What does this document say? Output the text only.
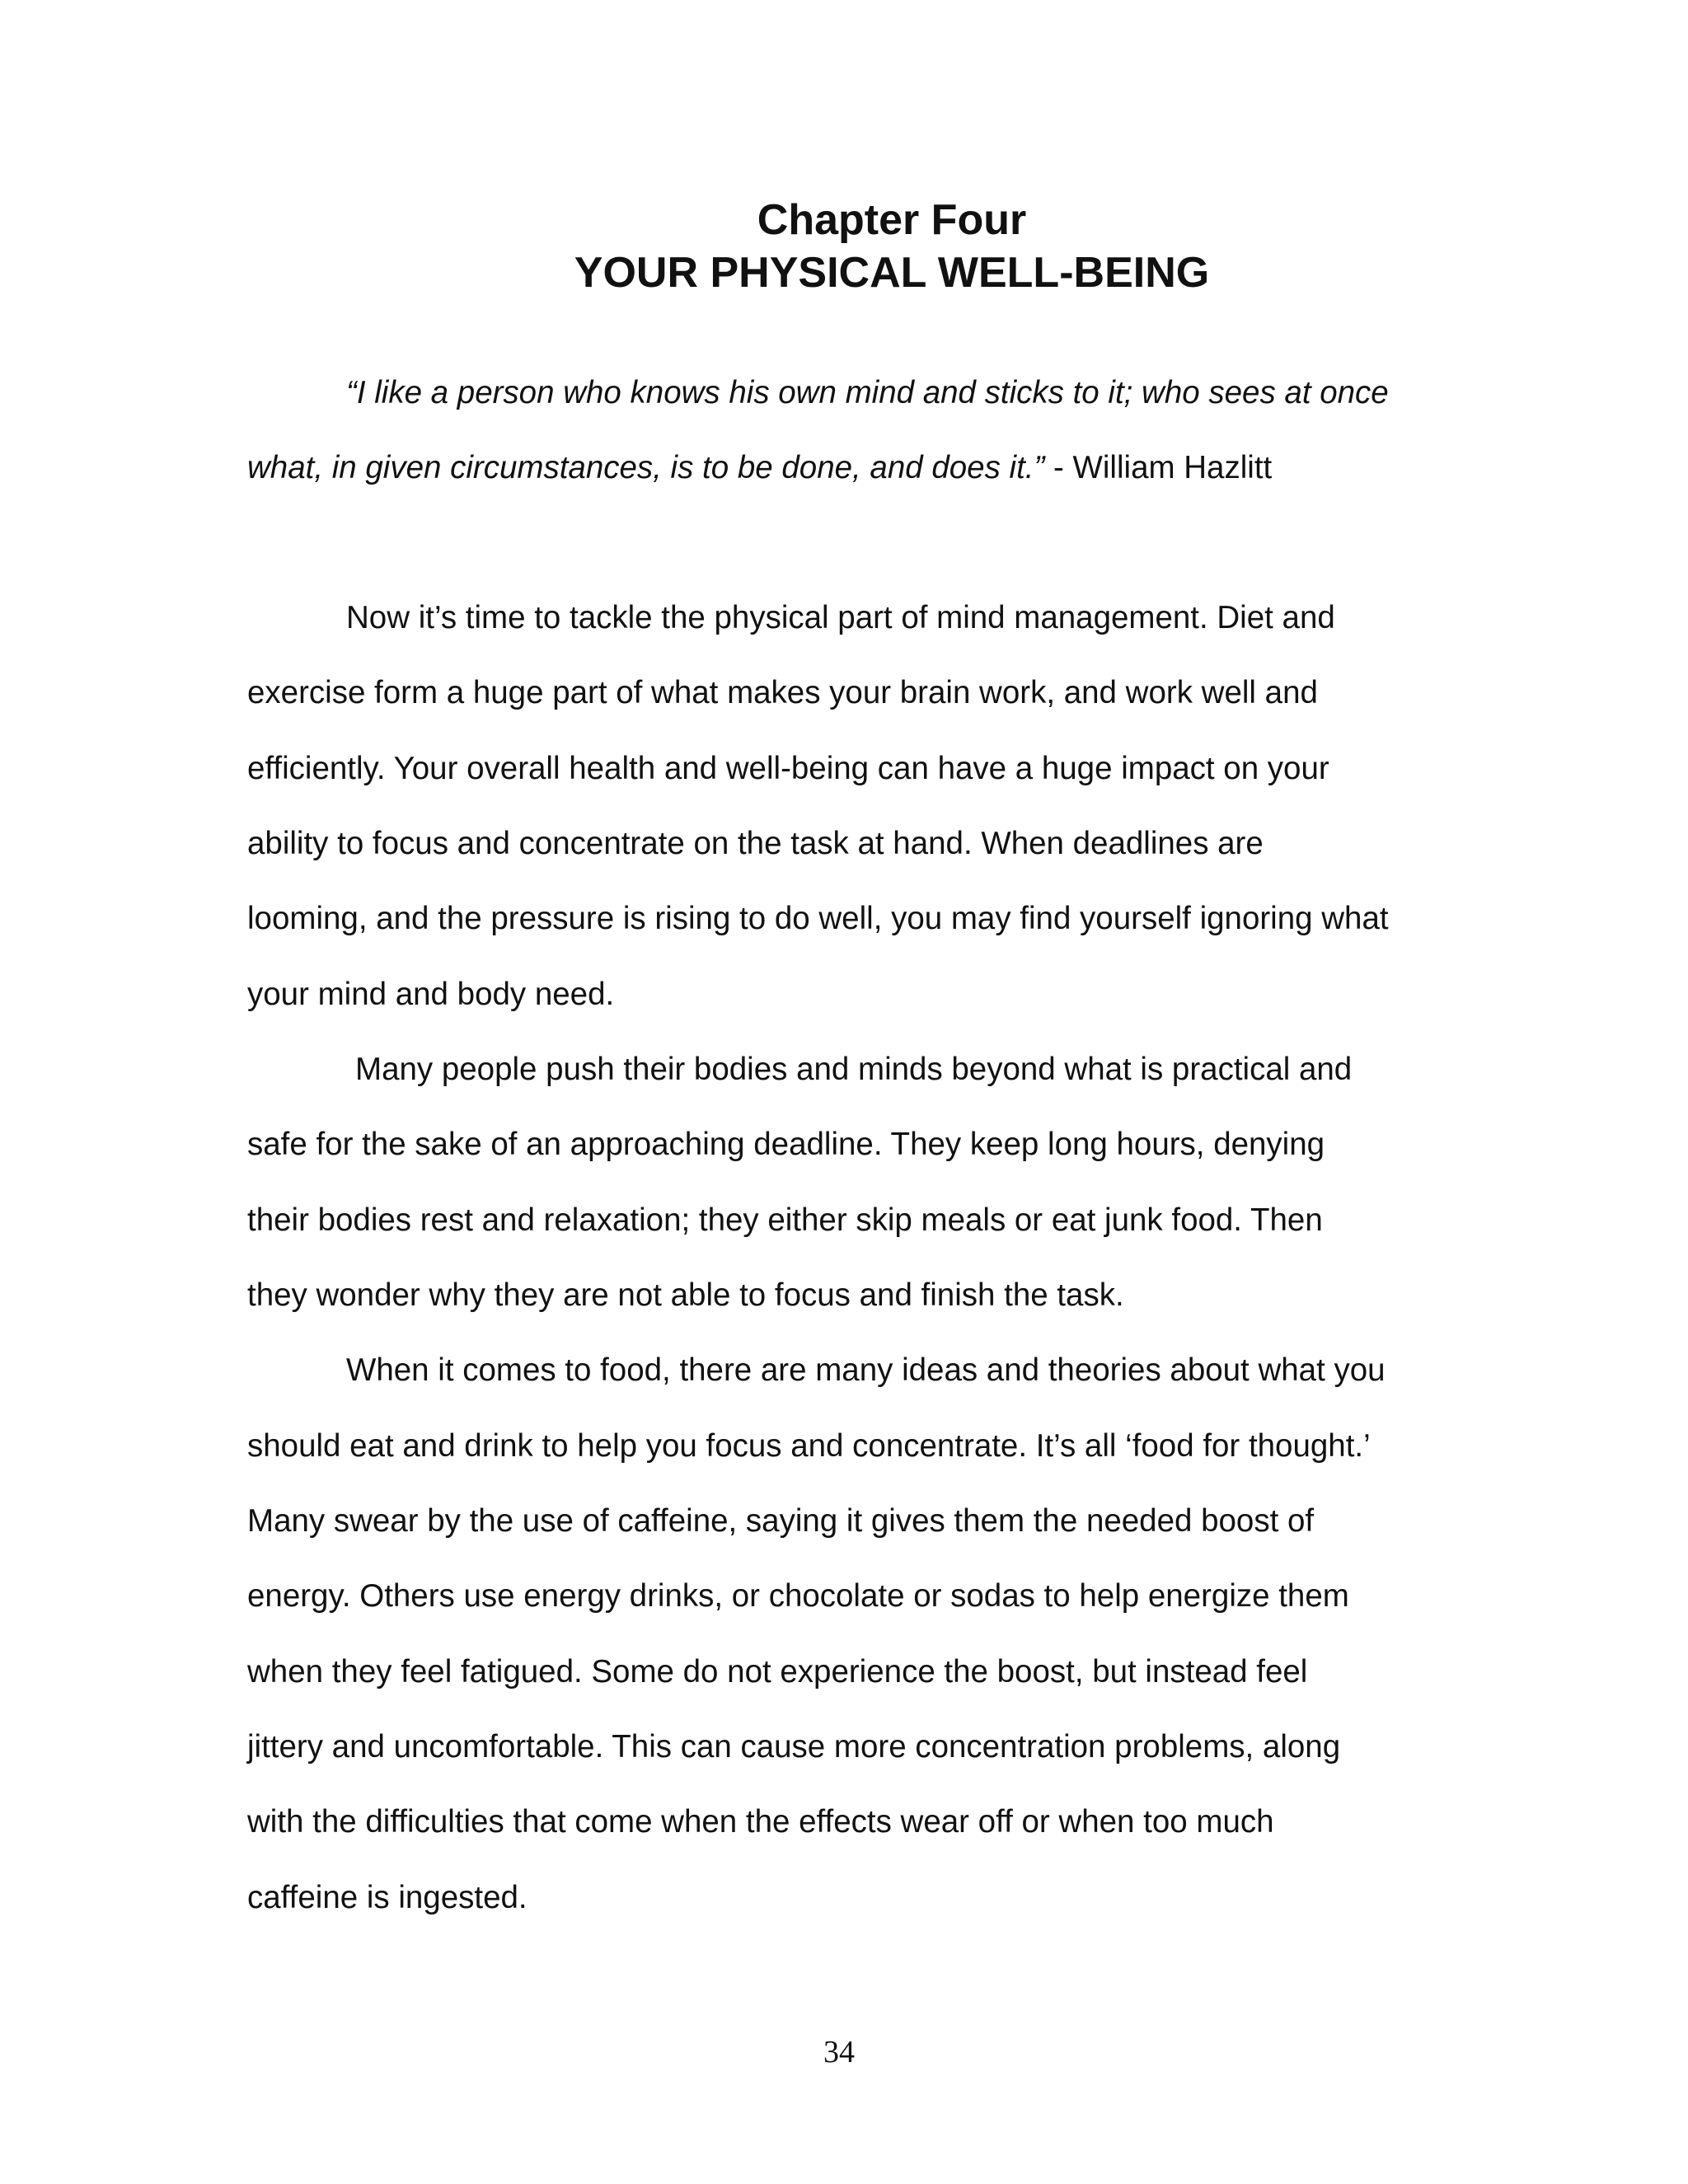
Chapter Four
YOUR PHYSICAL WELL-BEING
“I like a person who knows his own mind and sticks to it; who sees at once
what, in given circumstances, is to be done, and does it.” - William Hazlitt
Now it’s time to tackle the physical part of mind management. Diet and
exercise form a huge part of what makes your brain work, and work well and
efficiently. Your overall health and well-being can have a huge impact on your
ability to focus and concentrate on the task at hand. When deadlines are
looming, and the pressure is rising to do well, you may find yourself ignoring what
your mind and body need.
Many people push their bodies and minds beyond what is practical and
safe for the sake of an approaching deadline. They keep long hours, denying
their bodies rest and relaxation; they either skip meals or eat junk food. Then
they wonder why they are not able to focus and finish the task.
When it comes to food, there are many ideas and theories about what you
should eat and drink to help you focus and concentrate. It’s all ‘food for thought.’
Many swear by the use of caffeine, saying it gives them the needed boost of
energy. Others use energy drinks, or chocolate or sodas to help energize them
when they feel fatigued. Some do not experience the boost, but instead feel
jittery and uncomfortable. This can cause more concentration problems, along
with the difficulties that come when the effects wear off or when too much
caffeine is ingested.
34
